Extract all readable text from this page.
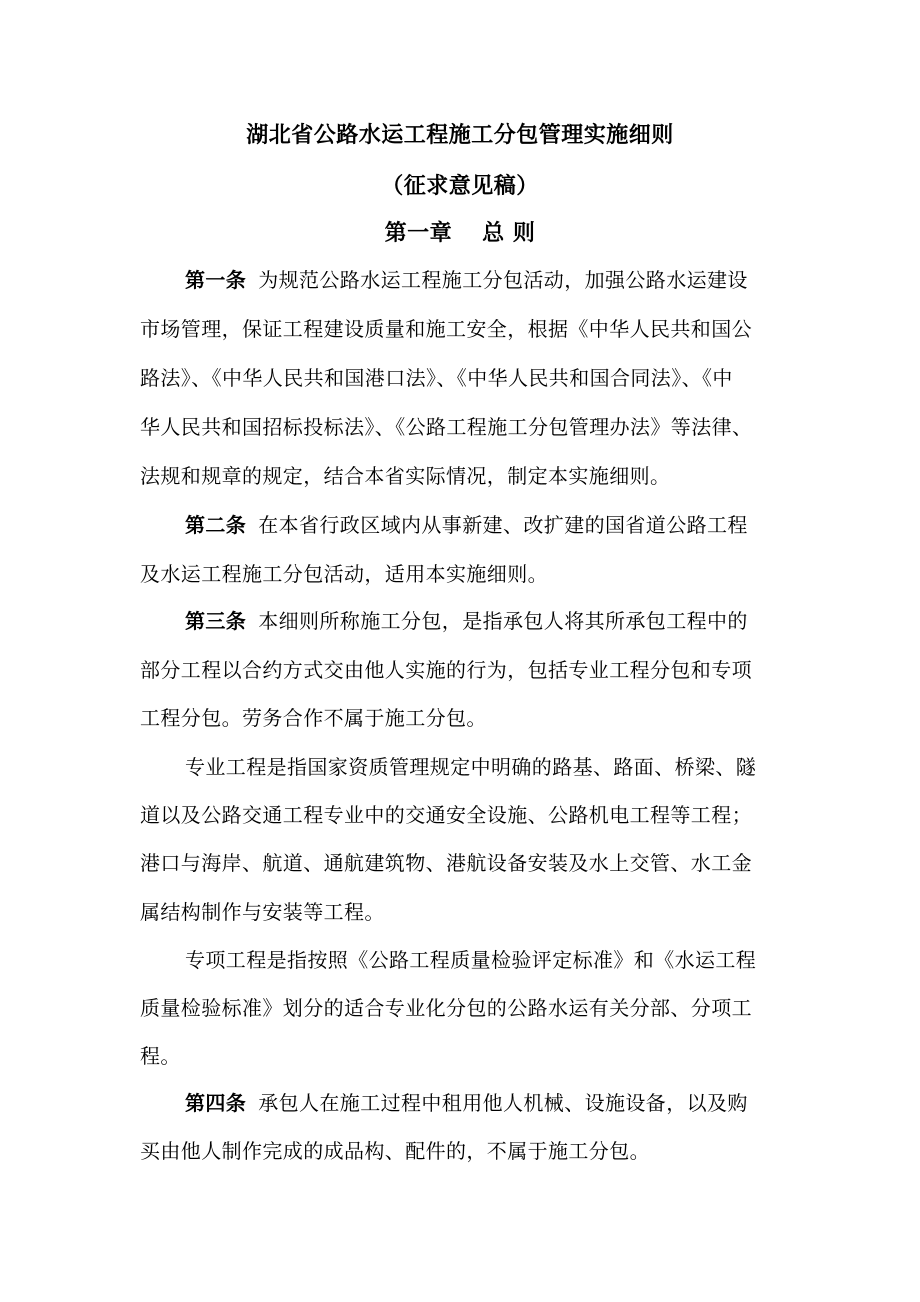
湖北省公路水运工程施工分包管理实施细则
（征求意见稿）
第一章 总 则
第一条 为规范公路水运工程施工分包活动，加强公路水运建设
市场管理，保证工程建设质量和施工安全，根据《中华人民共和国公
路法》、《中华人民共和国港口法》、《中华人民共和国合同法》、《中
华人民共和国招标投标法》、《公路工程施工分包管理办法》等法律、
法规和规章的规定，结合本省实际情况，制定本实施细则。
第二条 在本省行政区域内从事新建、改扩建的国省道公路工程
及水运工程施工分包活动，适用本实施细则。
第三条 本细则所称施工分包，是指承包人将其所承包工程中的
部分工程以合约方式交由他人实施的行为，包括专业工程分包和专项
工程分包。劳务合作不属于施工分包。
专业工程是指国家资质管理规定中明确的路基、路面、桥梁、隧
道以及公路交通工程专业中的交通安全设施、公路机电工程等工程；
港口与海岸、航道、通航建筑物、港航设备安装及水上交管、水工金
属结构制作与安装等工程。
专项工程是指按照《公路工程质量检验评定标准》和《水运工程
质量检验标准》划分的适合专业化分包的公路水运有关分部、分项工
程。
第四条 承包人在施工过程中租用他人机械、设施设备，以及购
买由他人制作完成的成品构、配件的，不属于施工分包。
